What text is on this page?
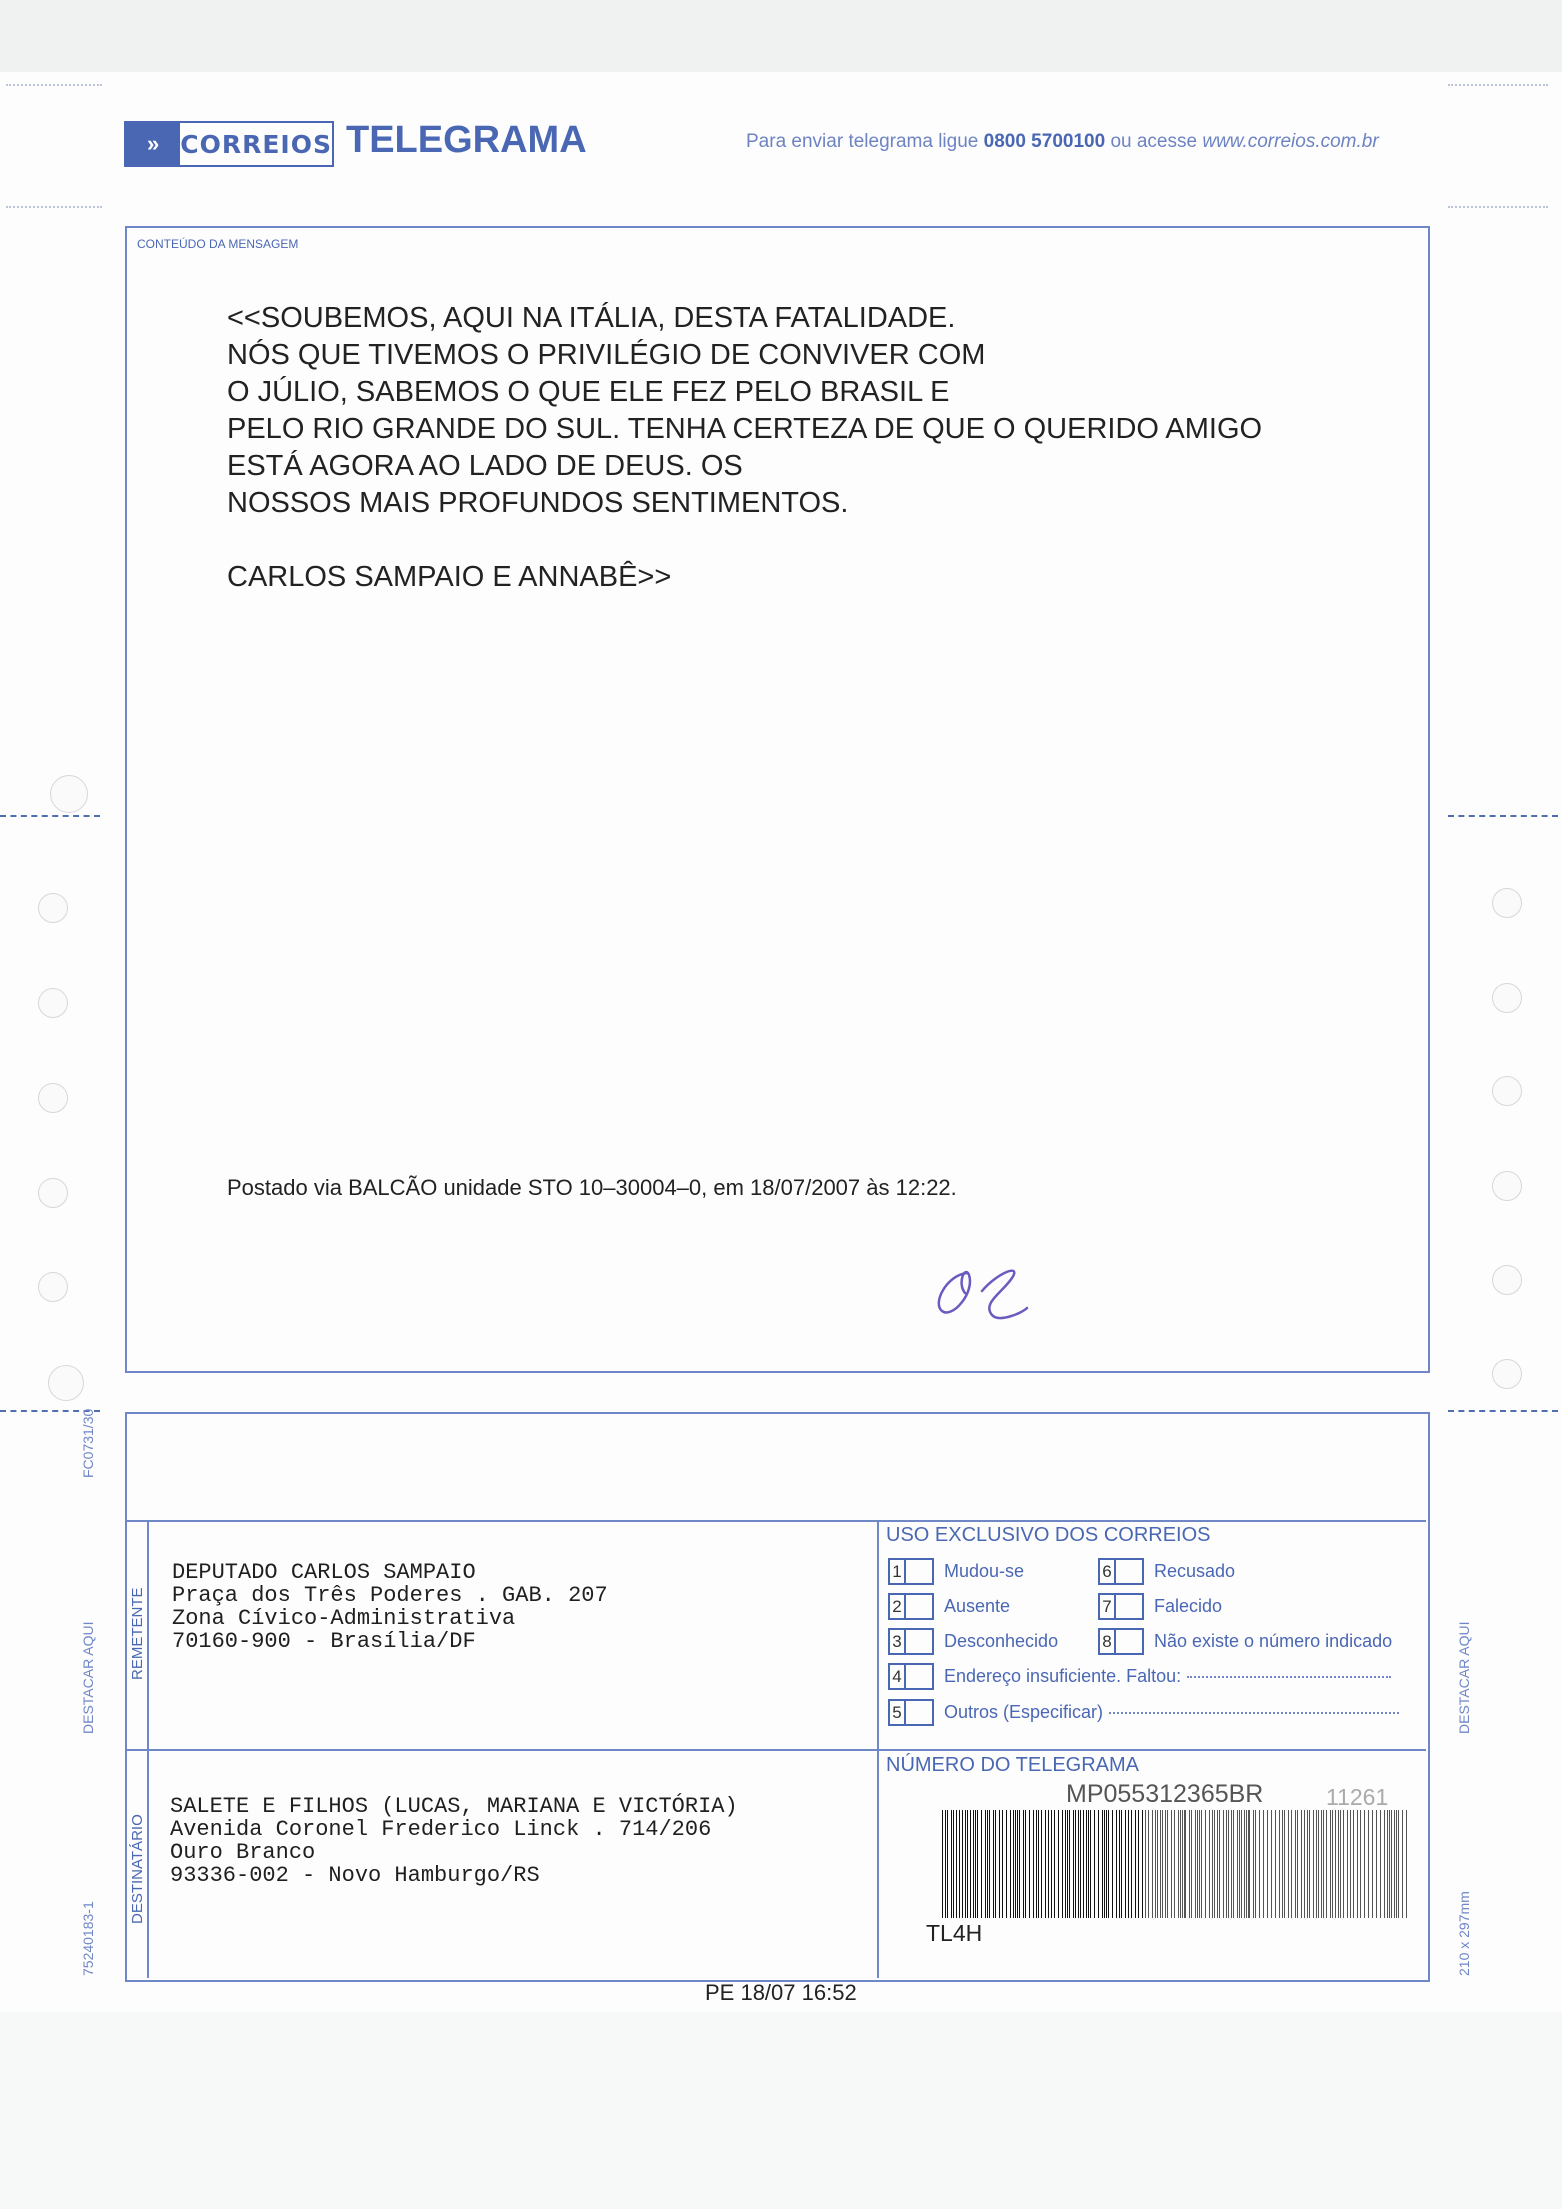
» CORREIOS TELEGRAMA	Para enviar telegrama ligue 0800 5700100 ou acesse www.correios.com.br
CONTEÚDO DA MENSAGEM
<<SOUBEMOS, AQUI NA ITÁLIA, DESTA FATALIDADE.
NÓS QUE TIVEMOS O PRIVILÉGIO DE CONVIVER COM
O JÚLIO, SABEMOS O QUE ELE FEZ PELO BRASIL E
PELO RIO GRANDE DO SUL. TENHA CERTEZA DE QUE O QUERIDO AMIGO
ESTÁ AGORA AO LADO DE DEUS. OS
NOSSOS MAIS PROFUNDOS SENTIMENTOS.
CARLOS SAMPAIO E ANNABÊ>>
Postado via BALCÃO unidade STO 10–30004–0, em 18/07/2007 às 12:22.
REMETENTE
DESTINATÁRIO
DEPUTADO CARLOS SAMPAIO
Praça dos Três Poderes . GAB. 207
Zona Cívico-Administrativa
70160-900 - Brasília/DF
SALETE E FILHOS (LUCAS, MARIANA E VICTÓRIA)
Avenida Coronel Frederico Linck . 714/206
Ouro Branco
93336-002 - Novo Hamburgo/RS
USO EXCLUSIVO DOS CORREIOS
1 Mudou-se
2 Ausente
3 Desconhecido
4 Endereço insuficiente. Faltou:
5 Outros (Especificar)
6 Recusado
7 Falecido
8 Não existe o número indicado
NÚMERO DO TELEGRAMA
MP055312365BR	11261
TL4H
PE 18/07 16:52
FC0731/30
DESTACAR AQUI
75240183-1
DESTACAR AQUI
210 x 297mm
